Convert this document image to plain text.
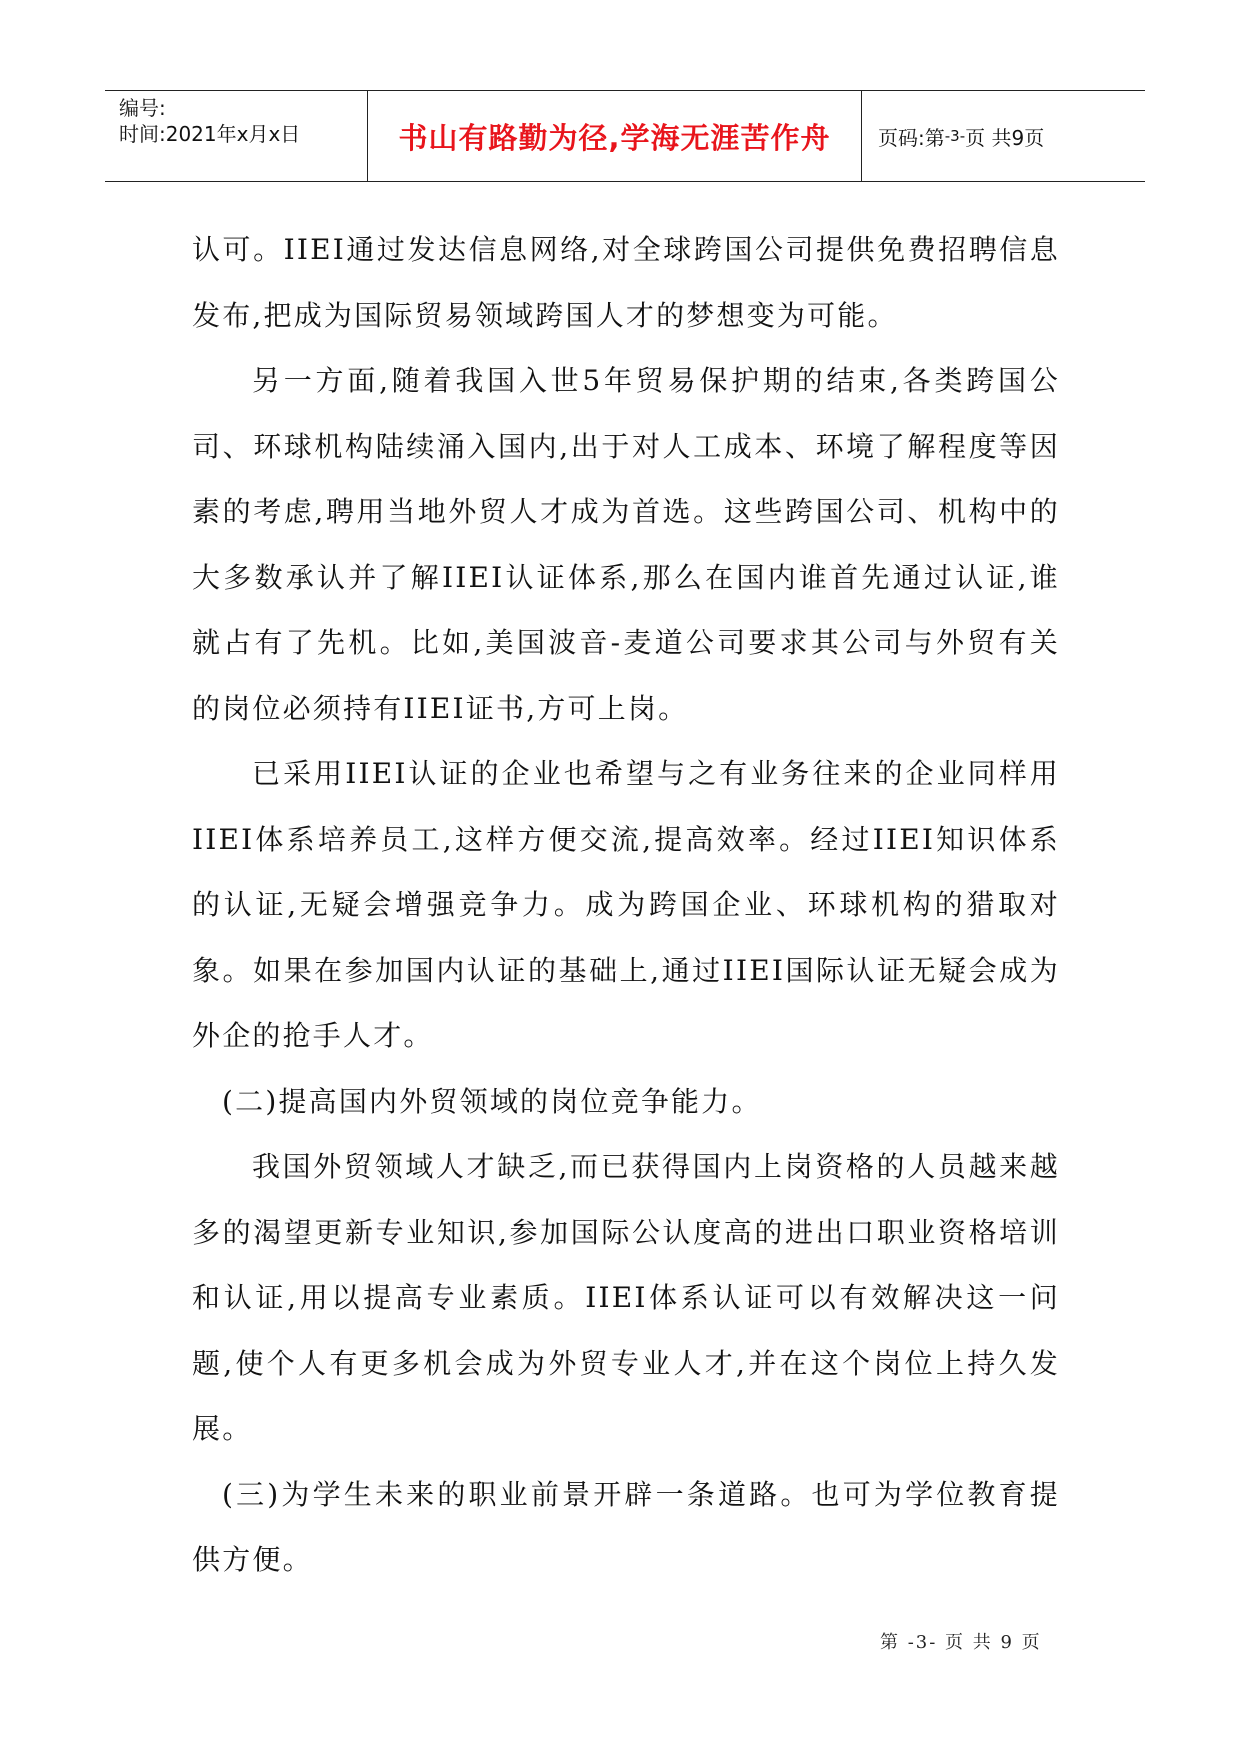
编号:
时间:2021年x月x日	书山有路勤为径,学海无涯苦作舟	页码:第 -3- 页 共9页

认可。IIEI通过发达信息网络,对全球跨国公司提供免费招聘信息发布,把成为国际贸易领域跨国人才的梦想变为可能。

另一方面,随着我国入世5年贸易保护期的结束,各类跨国公司、环球机构陆续涌入国内,出于对人工成本、环境了解程度等因素的考虑,聘用当地外贸人才成为首选。这些跨国公司、机构中的大多数承认并了解IIEI认证体系,那么在国内谁首先通过认证,谁就占有了先机。比如,美国波音-麦道公司要求其公司与外贸有关的岗位必须持有IIEI证书,方可上岗。

已采用IIEI认证的企业也希望与之有业务往来的企业同样用IIEI体系培养员工,这样方便交流,提高效率。经过IIEI知识体系的认证,无疑会增强竞争力。成为跨国企业、环球机构的猎取对象。如果在参加国内认证的基础上,通过IIEI国际认证无疑会成为外企的抢手人才。

(二)提高国内外贸领域的岗位竞争能力。

我国外贸领域人才缺乏,而已获得国内上岗资格的人员越来越多的渴望更新专业知识,参加国际公认度高的进出口职业资格培训和认证,用以提高专业素质。IIEI体系认证可以有效解决这一问题,使个人有更多机会成为外贸专业人才,并在这个岗位上持久发展。

(三)为学生未来的职业前景开辟一条道路。也可为学位教育提供方便。

第 -3- 页 共 9 页
